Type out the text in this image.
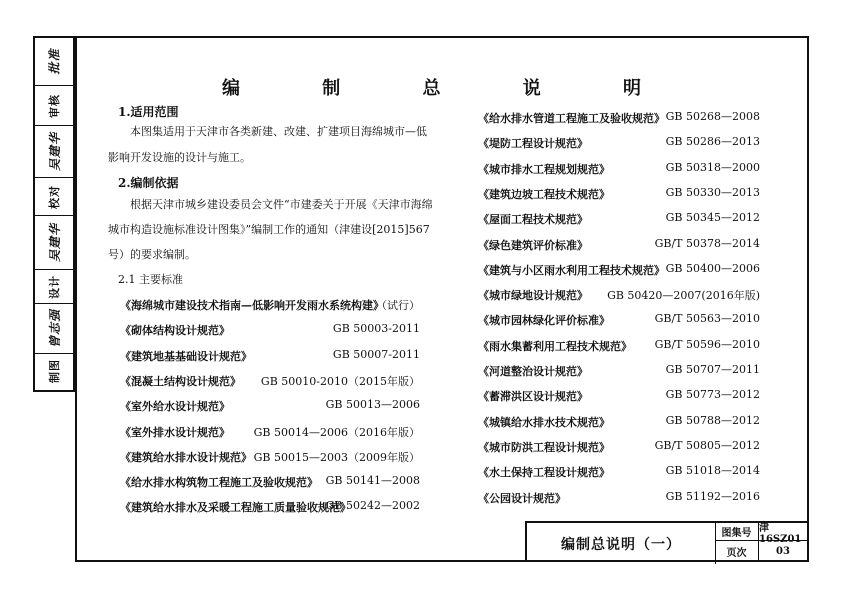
批准
审核
吴建华
校对
吴建华
设计
曾志强
制图
编 制 总 说 明
1.适用范围
本图集适用于天津市各类新建、改建、扩建项目海绵城市—低
影响开发设施的设计与施工。
2.编制依据
根据天津市城乡建设委员会文件“市建委关于开展《天津市海绵
城市构造设施标准设计图集》”编制工作的通知（津建设[2015]567
号）的要求编制。
2.1 主要标准
《海绵城市建设技术指南—低影响开发雨水系统构建》
（试行）
《砌体结构设计规范》	GB 50003-2011
《建筑地基基础设计规范》	GB 50007-2011
《混凝土结构设计规范》 GB 50010-2010（2015年版）
《室外给水设计规范》	GB 50013—2006
《室外排水设计规范》 GB 50014—2006（2016年版）
《建筑给水排水设计规范》 GB 50015—2003（2009年版）
《给水排水构筑物工程施工及验收规范》 GB 50141—2008
《建筑给水排水及采暖工程施工质量验收规范》
GB 50242—2002
《给水排水管道工程施工及验收规范》 GB 50268—2008
《堤防工程设计规范》	GB 50286—2013
《城市排水工程规划规范》	GB 50318—2000
《建筑边坡工程技术规范》	GB 50330—2013
《屋面工程技术规范》	GB 50345—2012
《绿色建筑评价标准》	GB/T 50378—2014
《建筑与小区雨水利用工程技术规范》 GB 50400—2006
《城市绿地设计规范》 GB 50420—2007(2016年版)
《城市园林绿化评价标准》	GB/T 50563—2010
《雨水集蓄利用工程技术规范》 GB/T 50596—2010
《河道整治设计规范》	GB 50707—2011
《蓄滞洪区设计规范》	GB 50773—2012
《城镇给水排水技术规范》	GB 50788—2012
《城市防洪工程设计规范》	GB/T 50805—2012
《水土保持工程设计规范》	GB 51018—2014
《公园设计规范》	GB 51192—2016
编制总说明（一）
图集号 津16SZ01
页次	03
